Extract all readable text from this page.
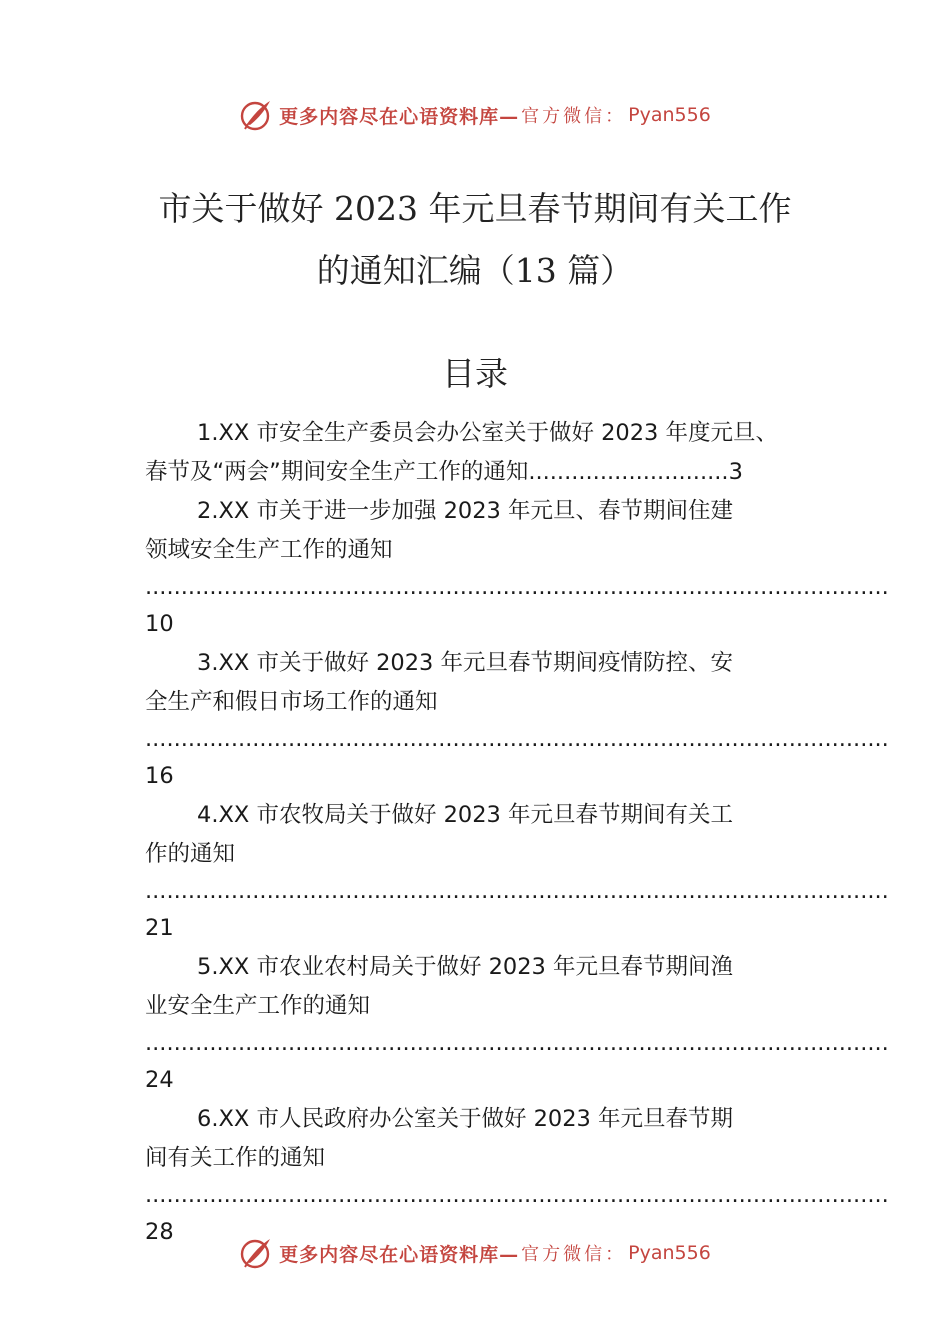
更多内容尽在心语资料库— 官方微信： Pyan556
市关于做好 2023 年元旦春节期间有关工作
的通知汇编（13 篇）
目录
1.XX 市安全生产委员会办公室关于做好 2023 年度元旦、
春节及“两会”期间安全生产工作的通知............................3
2.XX 市关于进一步加强 2023 年元旦、春节期间住建
领域安全生产工作的通知
........................................................................................................
10
3.XX 市关于做好 2023 年元旦春节期间疫情防控、安
全生产和假日市场工作的通知
........................................................................................................
16
4.XX 市农牧局关于做好 2023 年元旦春节期间有关工
作的通知
........................................................................................................
21
5.XX 市农业农村局关于做好 2023 年元旦春节期间渔
业安全生产工作的通知
........................................................................................................
24
6.XX 市人民政府办公室关于做好 2023 年元旦春节期
间有关工作的通知
........................................................................................................
28
更多内容尽在心语资料库— 官方微信： Pyan556
